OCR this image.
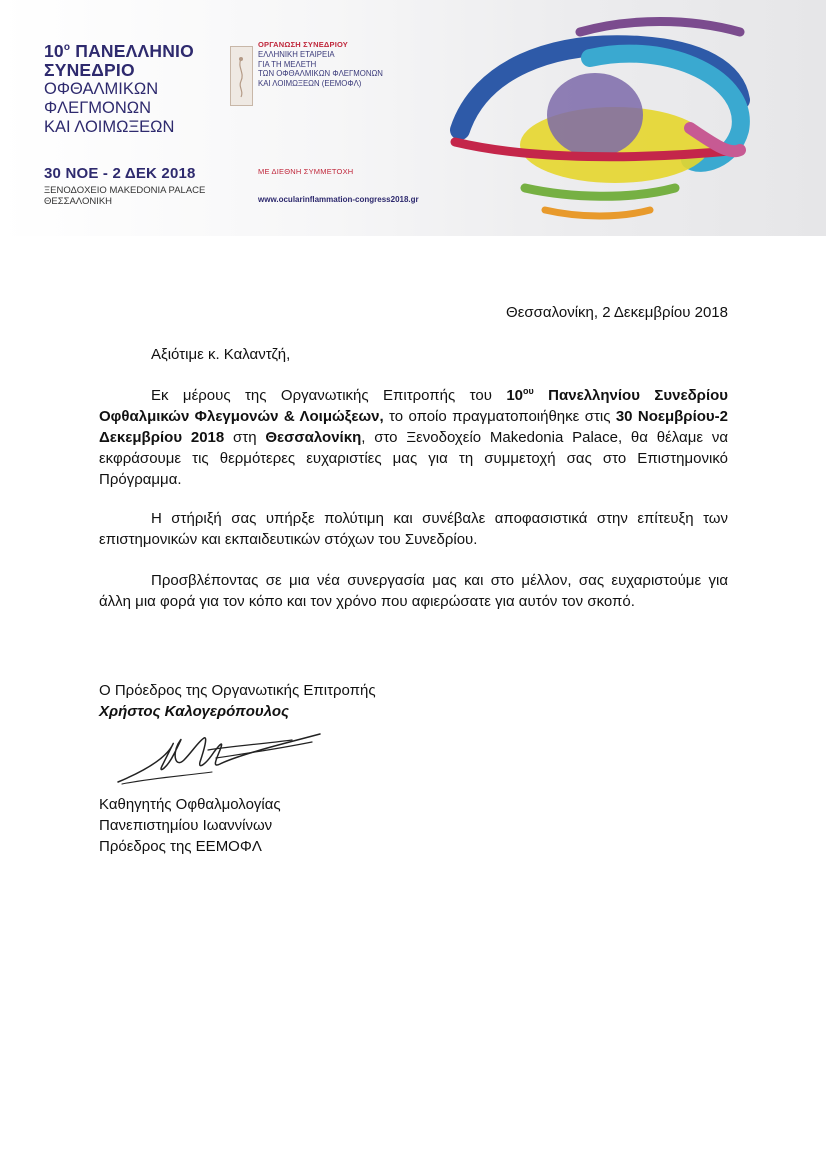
$10^o$ ΠΑΝΕΛΛΗΝΙΟ

ΣΥΝΕΔΡΙΟ

ΟΦΘΑΛΜΙΚΩΝ

ΦΛΕΓΜΟΝΩΝ

ΚΑΙ ΛΟΙΜΩΞΕΩΝ

30 ΝΟΕ - 2 ΔΕΚ 2018
ΞΕΝΟΔΟΧΕΙΟ MAKEDONIA PALACE
ΘΕΣΣΑΛΟΝΙΚΗ

ΟΡΓΑΝΩΣΗ ΣΥΝΕΔΡΙΟΥ

ΕΛΛΗΝΙΚΗ ΕΤΑΙΡΕΙΑ

ΓΙΑ ΤΗ ΜΕΛΕΤΗ

ΤΩΝ ΟΦΘΑΛΜΙΚΩΝ ΦΛΕΓΜΟΝΩΝ

ΚΑΙ ΛΟΙΜΩΞΕΩΝ (ΕΕΜΟΦΛ)

ΜΕ ΔΙΕΘΝΗ ΣΥΜΜΕΤΟΧΗ
www.ocularinflammation-congress2018.gr
Θεσσαλονίκη, 2 Δεκεμβρίου 2018
Αξιότιμε κ. Καλαντζή,

Εκ μέρους της Οργανωτικής Επιτροπής του $10^{o\upsilon}$ Πανελληνίου Συνεδρίου Οφθαλμικών Φλεγμονών & Λοιμώξεων, το οποίο πραγματοποιήθηκε στις 30 Νοεμβρίου-2 Δεκεμβρίου 2018 στη Θεσσαλονίκη, στο Ξενοδοχείο Makedonia Palace, θα θέλαμε να εκφράσουμε τις θερμότερες ευχαριστίες μας για τη συμμετοχή σας στο Επιστημονικό Πρόγραμμα.

Η στήριξή σας υπήρξε πολύτιμη και συνέβαλε αποφασιστικά στην επίτευξη των επιστημονικών και εκπαιδευτικών στόχων του Συνεδρίου.

Προσβλέποντας σε μια νέα συνεργασία μας και στο μέλλον, σας ευχαριστούμε για άλλη μια φορά για τον κόπο και τον χρόνο που αφιερώσατε για αυτόν τον σκοπό.

Ο Πρόεδρος της Οργανωτικής Επιτροπής
Χρήστος Καλογερόπουλος
Καθηγητής Οφθαλμολογίας
Πανεπιστημίου Ιωαννίνων
Πρόεδρος της ΕΕΜΟΦΛ
